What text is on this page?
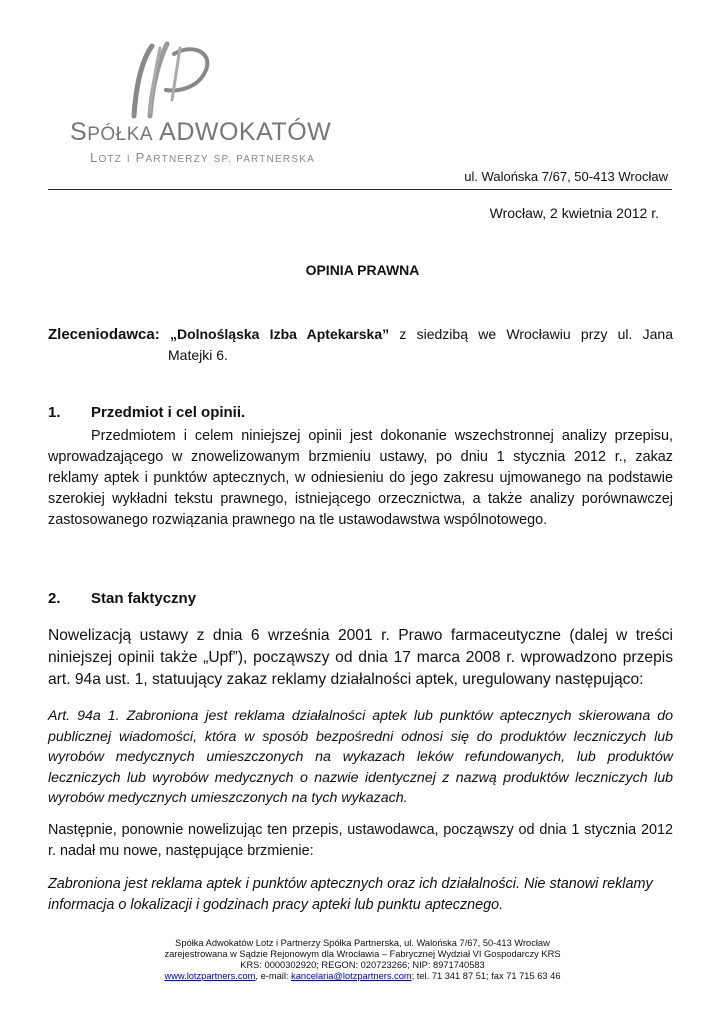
SPÓŁKA ADWOKATÓW
LOTZ I PARTNERZY SP. PARTNERSKA
ul. Walońska 7/67, 50-413 Wrocław
Wrocław, 2 kwietnia 2012 r.
OPINIA PRAWNA
Zleceniodawca: „Dolnośląska Izba Aptekarska” z siedzibą we Wrocławiu przy ul. Jana
Matejki 6.
1. Przedmiot i cel opinii.
Przedmiotem i celem niniejszej opinii jest dokonanie wszechstronnej analizy przepisu, wprowadzającego w znowelizowanym brzmieniu ustawy, po dniu 1 stycznia 2012 r., zakaz reklamy aptek i punktów aptecznych, w odniesieniu do jego zakresu ujmowanego na podstawie szerokiej wykładni tekstu prawnego, istniejącego orzecznictwa, a także analizy porównawczej zastosowanego rozwiązania prawnego na tle ustawodawstwa wspólnotowego.
2. Stan faktyczny
Nowelizacją ustawy z dnia 6 września 2001 r. Prawo farmaceutyczne (dalej w treści niniejszej opinii także „Upf”), począwszy od dnia 17 marca 2008 r. wprowadzono przepis art. 94a ust. 1, statuujący zakaz reklamy działalności aptek, uregulowany następująco:
Art. 94a 1. Zabroniona jest reklama działalności aptek lub punktów aptecznych skierowana do publicznej wiadomości, która w sposób bezpośredni odnosi się do produktów leczniczych lub wyrobów medycznych umieszczonych na wykazach leków refundowanych, lub produktów leczniczych lub wyrobów medycznych o nazwie identycznej z nazwą produktów leczniczych lub wyrobów medycznych umieszczonych na tych wykazach.
Następnie, ponownie nowelizując ten przepis, ustawodawca, począwszy od dnia 1 stycznia 2012 r. nadał mu nowe, następujące brzmienie:
Zabroniona jest reklama aptek i punktów aptecznych oraz ich działalności. Nie stanowi reklamy informacja o lokalizacji i godzinach pracy apteki lub punktu aptecznego.
Spółka Adwokatów Lotz i Partnerzy Spółka Partnerska, ul. Walońska 7/67, 50-413 Wrocław
zarejestrowana w Sądzie Rejonowym dla Wrocławia – Fabrycznej Wydział VI Gospodarczy KRS
KRS: 0000302920; REGON: 020723266; NIP: 8971740583
www.lotzpartners.com, e-mail: kancelaria@lotzpartners.com; tel. 71 341 87 51; fax 71 715 63 46
